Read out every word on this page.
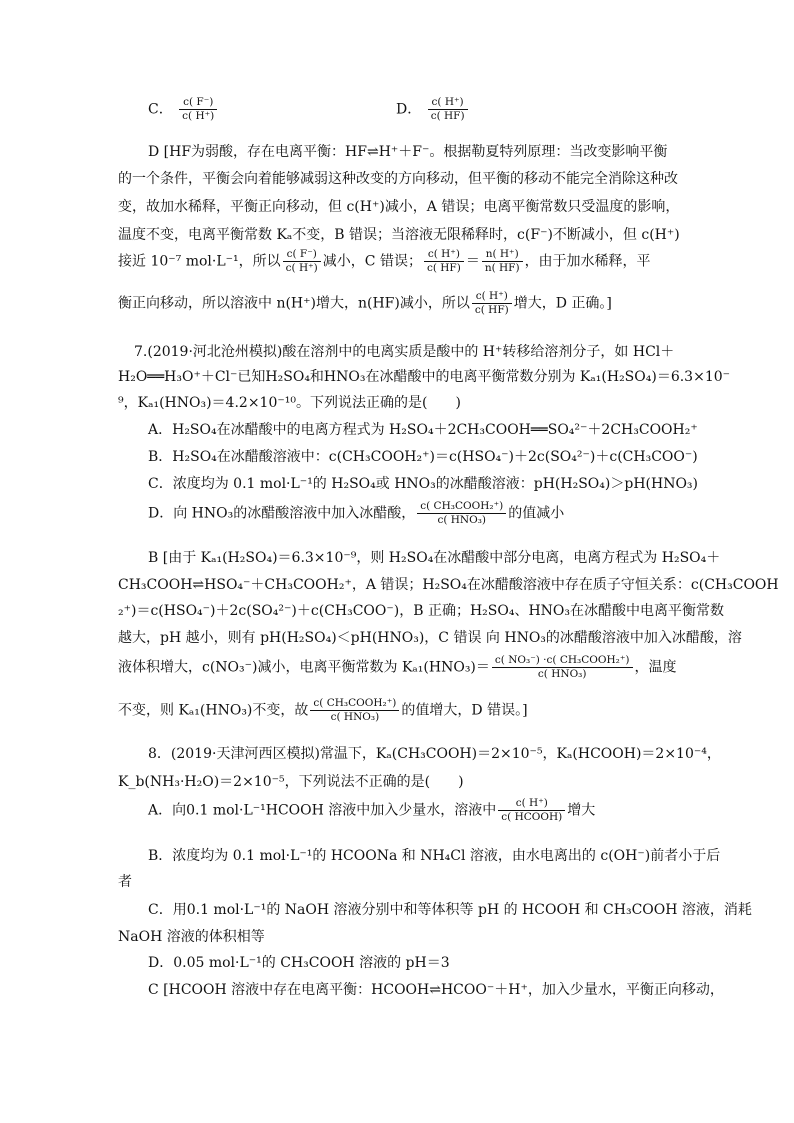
C． $\frac{c( F^-)}{c( H^+)}$	D． $\frac{c( H^+)}{c( HF)}$
D [HF为弱酸，存在电离平衡：HF⇌H⁺＋F⁻。根据勒夏特列原理：当改变影响平衡
的一个条件，平衡会向着能够减弱这种改变的方向移动，但平衡的移动不能完全消除这种改
变，故加水稀释，平衡正向移动，但 c(H⁺)减小，A 错误；电离平衡常数只受温度的影响，
温度不变，电离平衡常数 Kₐ不变，B 错误；当溶液无限稀释时，c(F⁻)不断减小，但 c(H⁺)
接近 10⁻⁷ mol·L⁻¹，所以 $\frac{c( F^-)}{c( H^+)}$ 减小，C 错误； $\frac{c( H^+)}{c( HF)} = \frac{n( H^+)}{n( HF)}$ ，由于加水稀释，平
衡正向移动，所以溶液中 n(H⁺)增大，n(HF)减小，所以 $\frac{c( H^+)}{c( HF)}$ 增大，D 正确。]
7.(2019·河北沧州模拟)酸在溶剂中的电离实质是酸中的 H⁺转移给溶剂分子，如 HCl＋
H₂O══H₃O⁺＋Cl⁻已知H₂SO₄和HNO₃在冰醋酸中的电离平衡常数分别为 Kₐ₁(H₂SO₄)＝6.3×10⁻
⁹，Kₐ₁(HNO₃)＝4.2×10⁻¹⁰。下列说法正确的是(　　)
A．H₂SO₄在冰醋酸中的电离方程式为 H₂SO₄＋2CH₃COOH══SO₄²⁻＋2CH₃COOH₂⁺
B．H₂SO₄在冰醋酸溶液中：c(CH₃COOH₂⁺)＝c(HSO₄⁻)＋2c(SO₄²⁻)＋c(CH₃COO⁻)
C．浓度均为 0.1 mol·L⁻¹的 H₂SO₄或 HNO₃的冰醋酸溶液：pH(H₂SO₄)＞pH(HNO₃)
D．向 HNO₃的冰醋酸溶液中加入冰醋酸， $\frac{\text{c( CH₃COOH₂⁺)}}{\text{c( HNO₃)}}$ 的值减小
B [由于 Kₐ₁(H₂SO₄)＝6.3×10⁻⁹，则 H₂SO₄在冰醋酸中部分电离，电离方程式为 H₂SO₄＋
CH₃COOH⇌HSO₄⁻＋CH₃COOH₂⁺，A 错误；H₂SO₄在冰醋酸溶液中存在质子守恒关系：c(CH₃COOH
₂⁺)＝c(HSO₄⁻)＋2c(SO₄²⁻)＋c(CH₃COO⁻)，B 正确；H₂SO₄、HNO₃在冰醋酸中电离平衡常数
越大，pH 越小，则有 pH(H₂SO₄)＜pH(HNO₃)，C 错误 向 HNO₃的冰醋酸溶液中加入冰醋酸，溶
液体积增大，c(NO₃⁻)减小，电离平衡常数为 $K_{a1}(HNO_3)= \frac{\text{c( NO₃⁻) ·c( CH₃COOH₂⁺)}}{\text{c( HNO₃)}}$ ，温度
不变，则 Kₐ₁(HNO₃)不变，故 $\frac{\text{c( CH₃COOH₂⁺)}}{\text{c( HNO₃)}}$ 的值增大，D 错误。]
8．(2019·天津河西区模拟)常温下，Kₐ(CH₃COOH)＝2×10⁻⁵，Kₐ(HCOOH)＝2×10⁻⁴，
K_b(NH₃·H₂O)＝2×10⁻⁵，下列说法不正确的是(　　)
A．向0.1 mol·L⁻¹HCOOH 溶液中加入少量水，溶液中 $\frac{c( H^+)}{\text{c( HCOOH)}}$ 增大
B．浓度均为 0.1 mol·L⁻¹的 HCOONa 和 NH₄Cl 溶液，由水电离出的 c(OH⁻)前者小于后
者
C．用0.1 mol·L⁻¹的 NaOH 溶液分别中和等体积等 pH 的 HCOOH 和 CH₃COOH 溶液，消耗
NaOH 溶液的体积相等
D．0.05 mol·L⁻¹的 CH₃COOH 溶液的 pH＝3
C [HCOOH 溶液中存在电离平衡：HCOOH⇌HCOO⁻＋H⁺，加入少量水，平衡正向移动，
